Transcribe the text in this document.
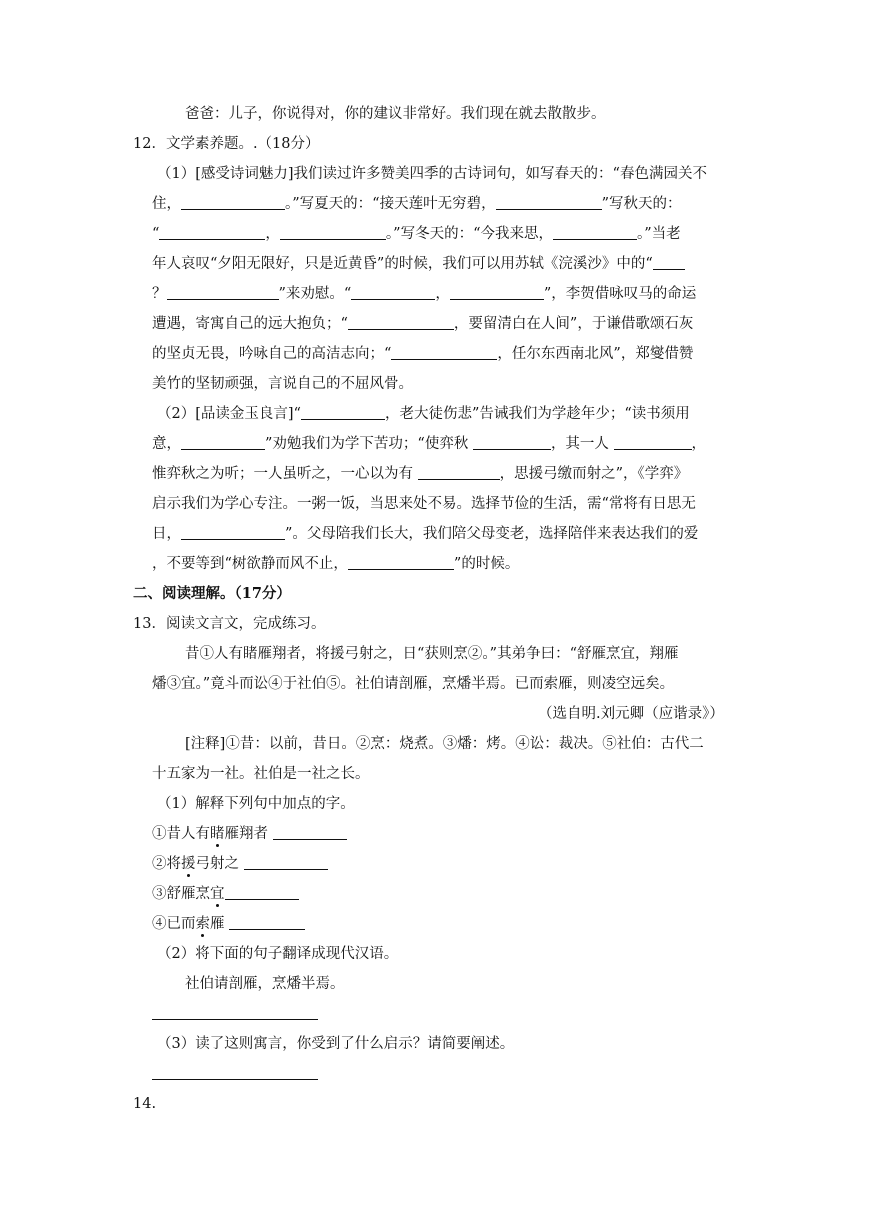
爸爸：儿子，你说得对，你的建议非常好。我们现在就去散散步。
12．文学素养题。.（18分）
（1）[感受诗词魅力]我们读过许多赞美四季的古诗词句，如写春天的：“春色满园关不
住，	。”写夏天的：“接天莲叶无穷碧，	”写秋天的：
“	，	。”写冬天的：“今我来思，	。”当老
年人哀叹“夕阳无限好，只是近黄昏”的时候，我们可以用苏轼《浣溪沙》中的“
？	”来劝慰。“	，	”，李贺借咏叹马的命运
遭遇，寄寓自己的远大抱负；“	，要留清白在人间”，于谦借歌颂石灰
的坚贞无畏，吟咏自己的高洁志向；“	，任尔东西南北风”，郑燮借赞
美竹的坚韧顽强，言说自己的不屈风骨。
（2）[品读金玉良言]“	，老大徒伤悲”告诫我们为学趁年少；“读书须用
意，	”劝勉我们为学下苦功；“使弈秋	，其一人	，
惟弈秋之为听；一人虽听之，一心以为有	，思援弓缴而射之”，《学弈》
启示我们为学心专注。一粥一饭，当思来处不易。选择节俭的生活，需“常将有日思无
日，	”。父母陪我们长大，我们陪父母变老，选择陪伴来表达我们的爱
，不要等到“树欲静而风不止，	”的时候。
二、阅读理解。（17分）
13．阅读文言文，完成练习。
昔①人有睹雁翔者，将援弓射之，日“获则烹②。”其弟争曰：“舒雁烹宜，翔雁
燔③宜。”竟斗而讼④于社伯⑤。社伯请剖雁，烹燔半焉。已而索雁，则凌空远矣。
（选自明.刘元卿（应谐录》）
[注释]①昔：以前，昔日。②烹：烧煮。③燔：烤。④讼：裁决。⑤社伯：古代二
十五家为一社。社伯是一社之长。
（1）解释下列句中加点的字。
①昔人有睹雁翔者
②将援弓射之
③舒雁烹宜
④已而索雁
（2）将下面的句子翻译成现代汉语。
社伯请剖雁，烹燔半焉。
（3）读了这则寓言，你受到了什么启示？请简要阐述。
14.
